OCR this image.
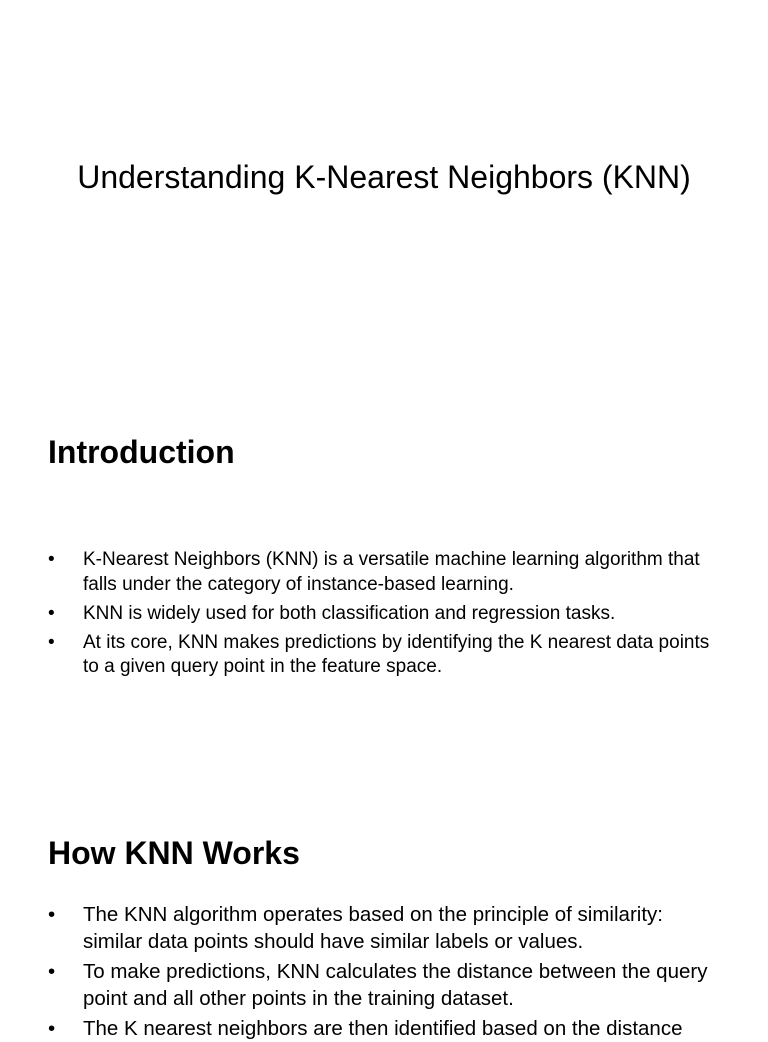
Understanding K-Nearest Neighbors (KNN)
Introduction
•	K-Nearest Neighbors (KNN) is a versatile machine learning algorithm that falls under the category of instance-based learning.
•	KNN is widely used for both classification and regression tasks.
•	At its core, KNN makes predictions by identifying the K nearest data points to a given query point in the feature space.
How KNN Works
•	The KNN algorithm operates based on the principle of similarity: similar data points should have similar labels or values.
•	To make predictions, KNN calculates the distance between the query point and all other points in the training dataset.
•	The K nearest neighbors are then identified based on the distance
